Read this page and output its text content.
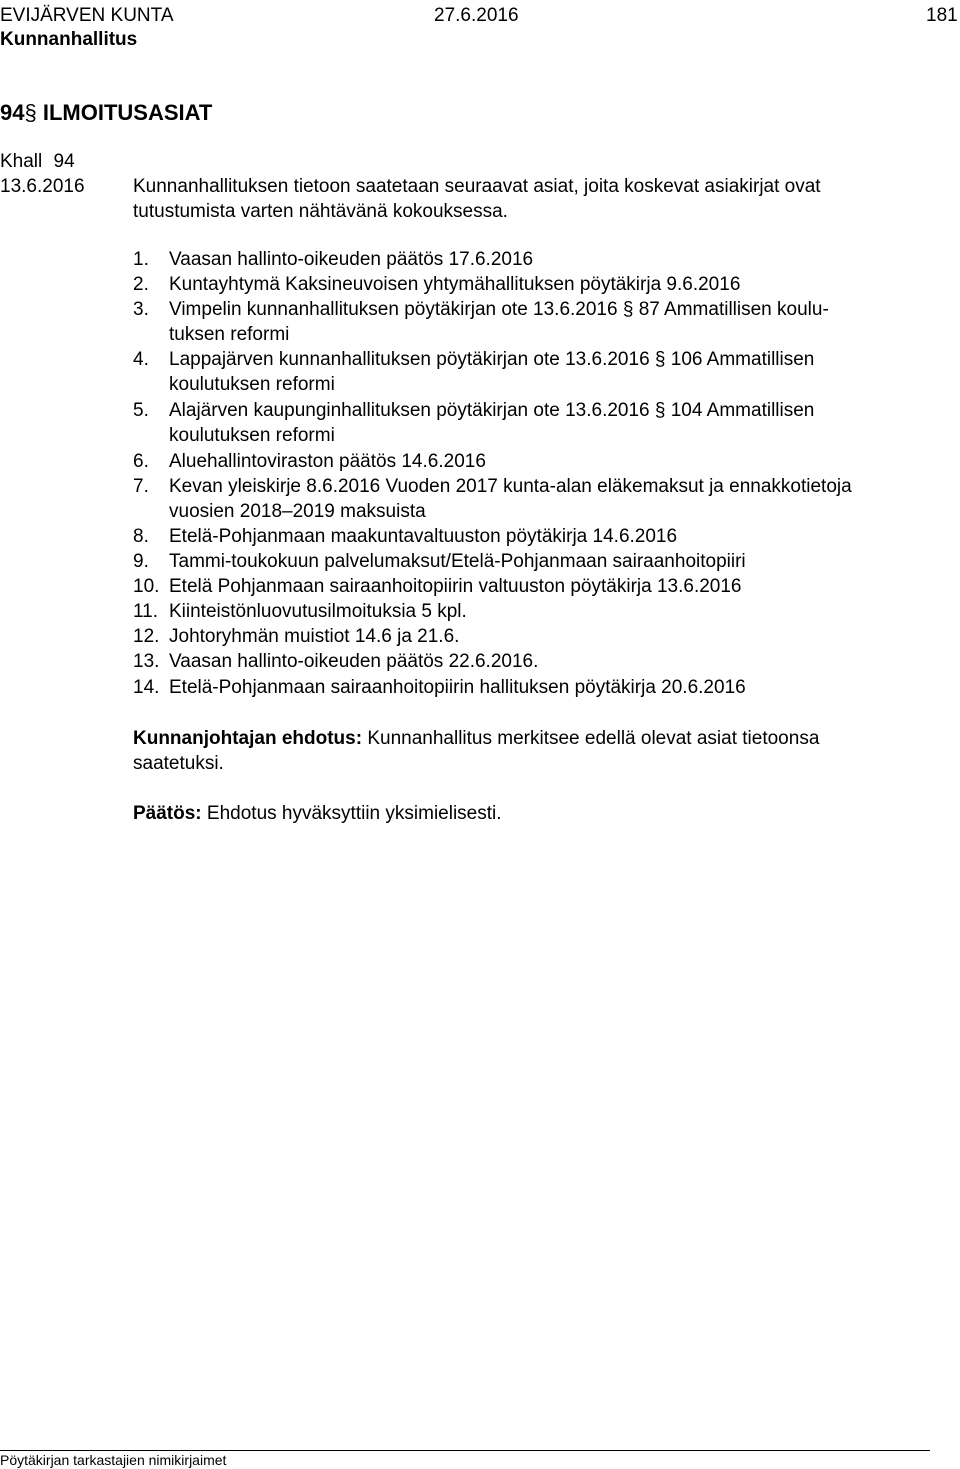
EVIJÄRVEN KUNTA	27.6.2016	181
Kunnanhallitus
94§ ILMOITUSASIAT
Khall 94
13.6.2016	Kunnanhallituksen tietoon saatetaan seuraavat asiat, joita koskevat asiakirjat ovat
tutustumista varten nähtävänä kokouksessa.
1. Vaasan hallinto-oikeuden päätös 17.6.2016
2. Kuntayhtymä Kaksineuvoisen yhtymähallituksen pöytäkirja 9.6.2016
3. Vimpelin kunnanhallituksen pöytäkirjan ote 13.6.2016 § 87 Ammatillisen koulu-
tuksen reformi
4. Lappajärven kunnanhallituksen pöytäkirjan ote 13.6.2016 § 106 Ammatillisen
koulutuksen reformi
5. Alajärven kaupunginhallituksen pöytäkirjan ote 13.6.2016 § 104 Ammatillisen
koulutuksen reformi
6. Aluehallintoviraston päätös 14.6.2016
7. Kevan yleiskirje 8.6.2016 Vuoden 2017 kunta-alan eläkemaksut ja ennakkotietoja
vuosien 2018–2019 maksuista
8. Etelä-Pohjanmaan maakuntavaltuuston pöytäkirja 14.6.2016
9. Tammi-toukokuun palvelumaksut/Etelä-Pohjanmaan sairaanhoitopiiri
10. Etelä Pohjanmaan sairaanhoitopiirin valtuuston pöytäkirja 13.6.2016
11. Kiinteistönluovutusilmoituksia 5 kpl.
12. Johtoryhmän muistiot 14.6 ja 21.6.
13. Vaasan hallinto-oikeuden päätös 22.6.2016.
14. Etelä-Pohjanmaan sairaanhoitopiirin hallituksen pöytäkirja 20.6.2016
Kunnanjohtajan ehdotus: Kunnanhallitus merkitsee edellä olevat asiat tietoonsa
saatetuksi.
Päätös: Ehdotus hyväksyttiin yksimielisesti.
Pöytäkirjan tarkastajien nimikirjaimet
